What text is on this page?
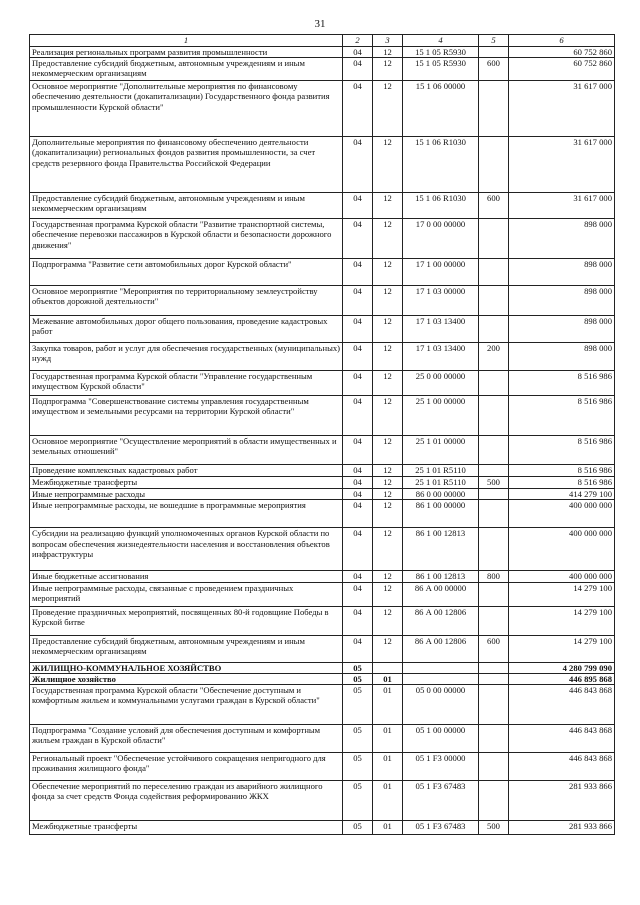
31
1	2	3	4	5	6
Реализация региональных программ развития промышленности	04	12	15 1 05 R5930		60 752 860
Предоставление субсидий бюджетным, автономным учреждениям и иным некоммерческим организациям	04	12	15 1 05 R5930	600	60 752 860
Основное мероприятие "Дополнительные мероприятия по финансовому обеспечению деятельности (докапитализации) Государственного фонда развития промышленности Курской области"	04	12	15 1 06 00000		31 617 000
Дополнительные мероприятия по финансовому обеспечению деятельности (докапитализации) региональных фондов развития промышленности, за счет средств резервного фонда Правительства Российской Федерации	04	12	15 1 06 R1030		31 617 000
Предоставление субсидий бюджетным, автономным учреждениям и иным некоммерческим организациям	04	12	15 1 06 R1030	600	31 617 000
Государственная программа Курской области "Развитие транспортной системы, обеспечение перевозки пассажиров в Курской области и безопасности дорожного движения"	04	12	17 0 00 00000		898 000
Подпрограмма "Развитие сети автомобильных дорог Курской области"	04	12	17 1 00 00000		898 000
Основное мероприятие "Мероприятия по территориальному землеустройству объектов дорожной деятельности"	04	12	17 1 03 00000		898 000
Межевание автомобильных дорог общего пользования, проведение кадастровых работ	04	12	17 1 03 13400		898 000
Закупка товаров, работ и услуг для обеспечения государственных (муниципальных) нужд	04	12	17 1 03 13400	200	898 000
Государственная программа Курской области "Управление государственным имуществом Курской области"	04	12	25 0 00 00000		8 516 986
Подпрограмма "Совершенствование системы управления государственным имуществом и земельными ресурсами на территории Курской области"	04	12	25 1 00 00000		8 516 986
Основное мероприятие "Осуществление мероприятий в области имущественных и земельных отношений"	04	12	25 1 01 00000		8 516 986
Проведение комплексных кадастровых работ	04	12	25 1 01 R5110		8 516 986
Межбюджетные трансферты	04	12	25 1 01 R5110	500	8 516 986
Иные непрограммные расходы	04	12	86 0 00 00000		414 279 100
Иные непрограммные расходы, не вошедшие в программные мероприятия	04	12	86 1 00 00000		400 000 000
Субсидии на реализацию функций уполномоченных органов Курской области по вопросам обеспечения жизнедеятельности населения и восстановления объектов инфраструктуры	04	12	86 1 00 12813		400 000 000
Иные бюджетные ассигнования	04	12	86 1 00 12813	800	400 000 000
Иные непрограммные расходы, связанные с проведением праздничных мероприятий	04	12	86 А 00 00000		14 279 100
Проведение праздничных мероприятий, посвященных 80-й годовщине Победы в Курской битве	04	12	86 А 00 12806		14 279 100
Предоставление субсидий бюджетным, автономным учреждениям и иным некоммерческим организациям	04	12	86 А 00 12806	600	14 279 100
ЖИЛИЩНО-КОММУНАЛЬНОЕ ХОЗЯЙСТВО	05				4 280 799 090
Жилищное хозяйство	05	01			446 895 868
Государственная программа Курской области "Обеспечение доступным и комфортным жильем и коммунальными услугами граждан в Курской области"	05	01	05 0 00 00000		446 843 868
Подпрограмма "Создание условий для обеспечения доступным и комфортным жильем граждан в Курской области"	05	01	05 1 00 00000		446 843 868
Региональный проект "Обеспечение устойчивого сокращения непригодного для проживания жилищного фонда"	05	01	05 1 F3 00000		446 843 868
Обеспечение мероприятий по переселению граждан из аварийного жилищного фонда за счет средств Фонда содействия реформированию ЖКХ	05	01	05 1 F3 67483		281 933 866
Межбюджетные трансферты	05	01	05 1 F3 67483	500	281 933 866
